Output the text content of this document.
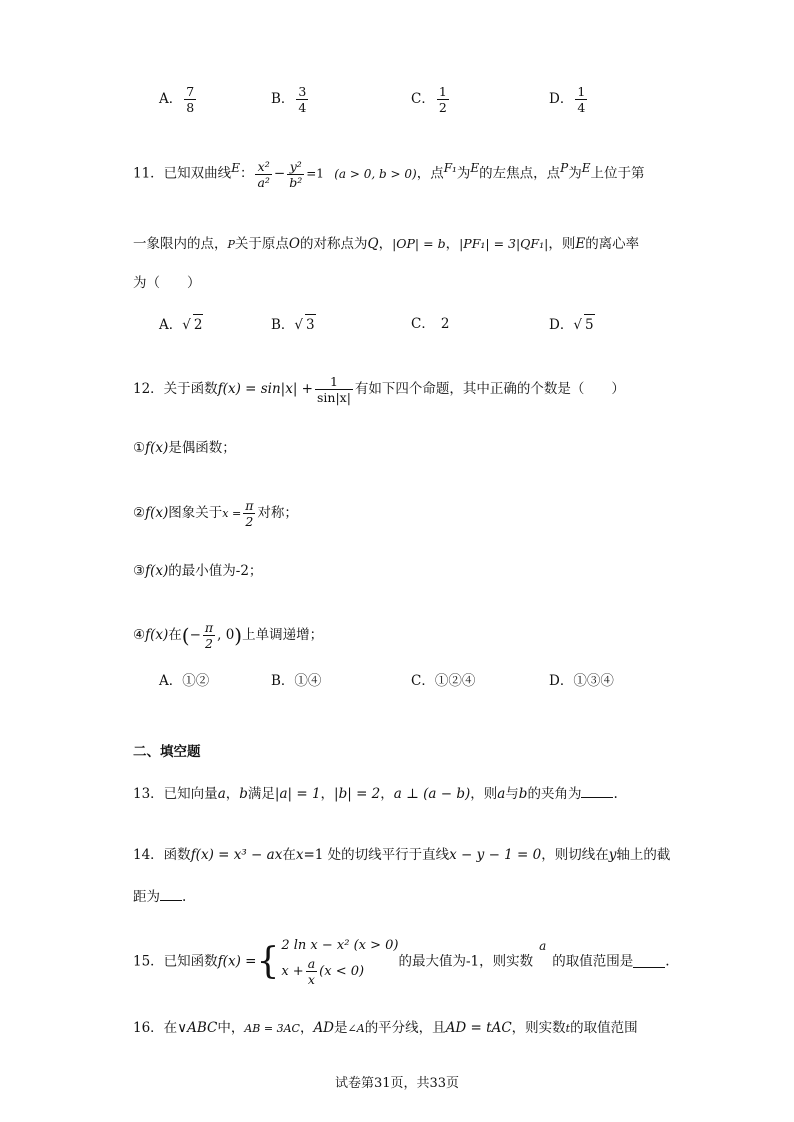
A． $\frac{7}{8}$	B． $\frac{3}{4}$	C． $\frac{1}{2}$	D． $\frac{1}{4}$
11．已知双曲线E： $\frac{\text{x²}}{\text{a²}} - \frac{\text{y²}}{\text{b²}} =1$ (a > 0, b > 0)，点F₁为E的左焦点，点P为E上位于第
一象限内的点，P关于原点O的对称点为Q，|OP| = b，|PF₁| = 3|QF₁|，则E的离心率
为（　　）
A．√ 2	B．√ 3	C． 2	D．√ 5
12．关于函数$f(x) = \sin|x| + \frac{1}{\sin|x|}$ 有如下四个命题，其中正确的个数是（　　）
①f(x)是偶函数；
②f(x)图象关于$x = \frac{\pi}{2}$ 对称；
③f(x)的最小值为-2；
④f(x)在(− $\frac{\pi}{2}$ , 0)上单调递增；
A．①②	B．①④	C．①②④	D．①③④
二、填空题
13．已知向量a，b满足|a| = 1，|b| = 2，a ⊥ (a − b)，则a与b的夹角为 .
14．函数f(x) = x³ − ax在x=1 处的切线平行于直线x − y − 1 = 0，则切线在y轴上的截
距为 .
15．已知函数f(x) ={ 2 ln x − x² (x > 0)
$x + \frac{a}{x} (x < 0)$
的最大值为-1，则实数a的取值范围是 .
16．在∨ABC中，AB = 3AC，AD是∠A的平分线，且AD = tAC，则实数t的取值范围
试卷第31页，共33页
